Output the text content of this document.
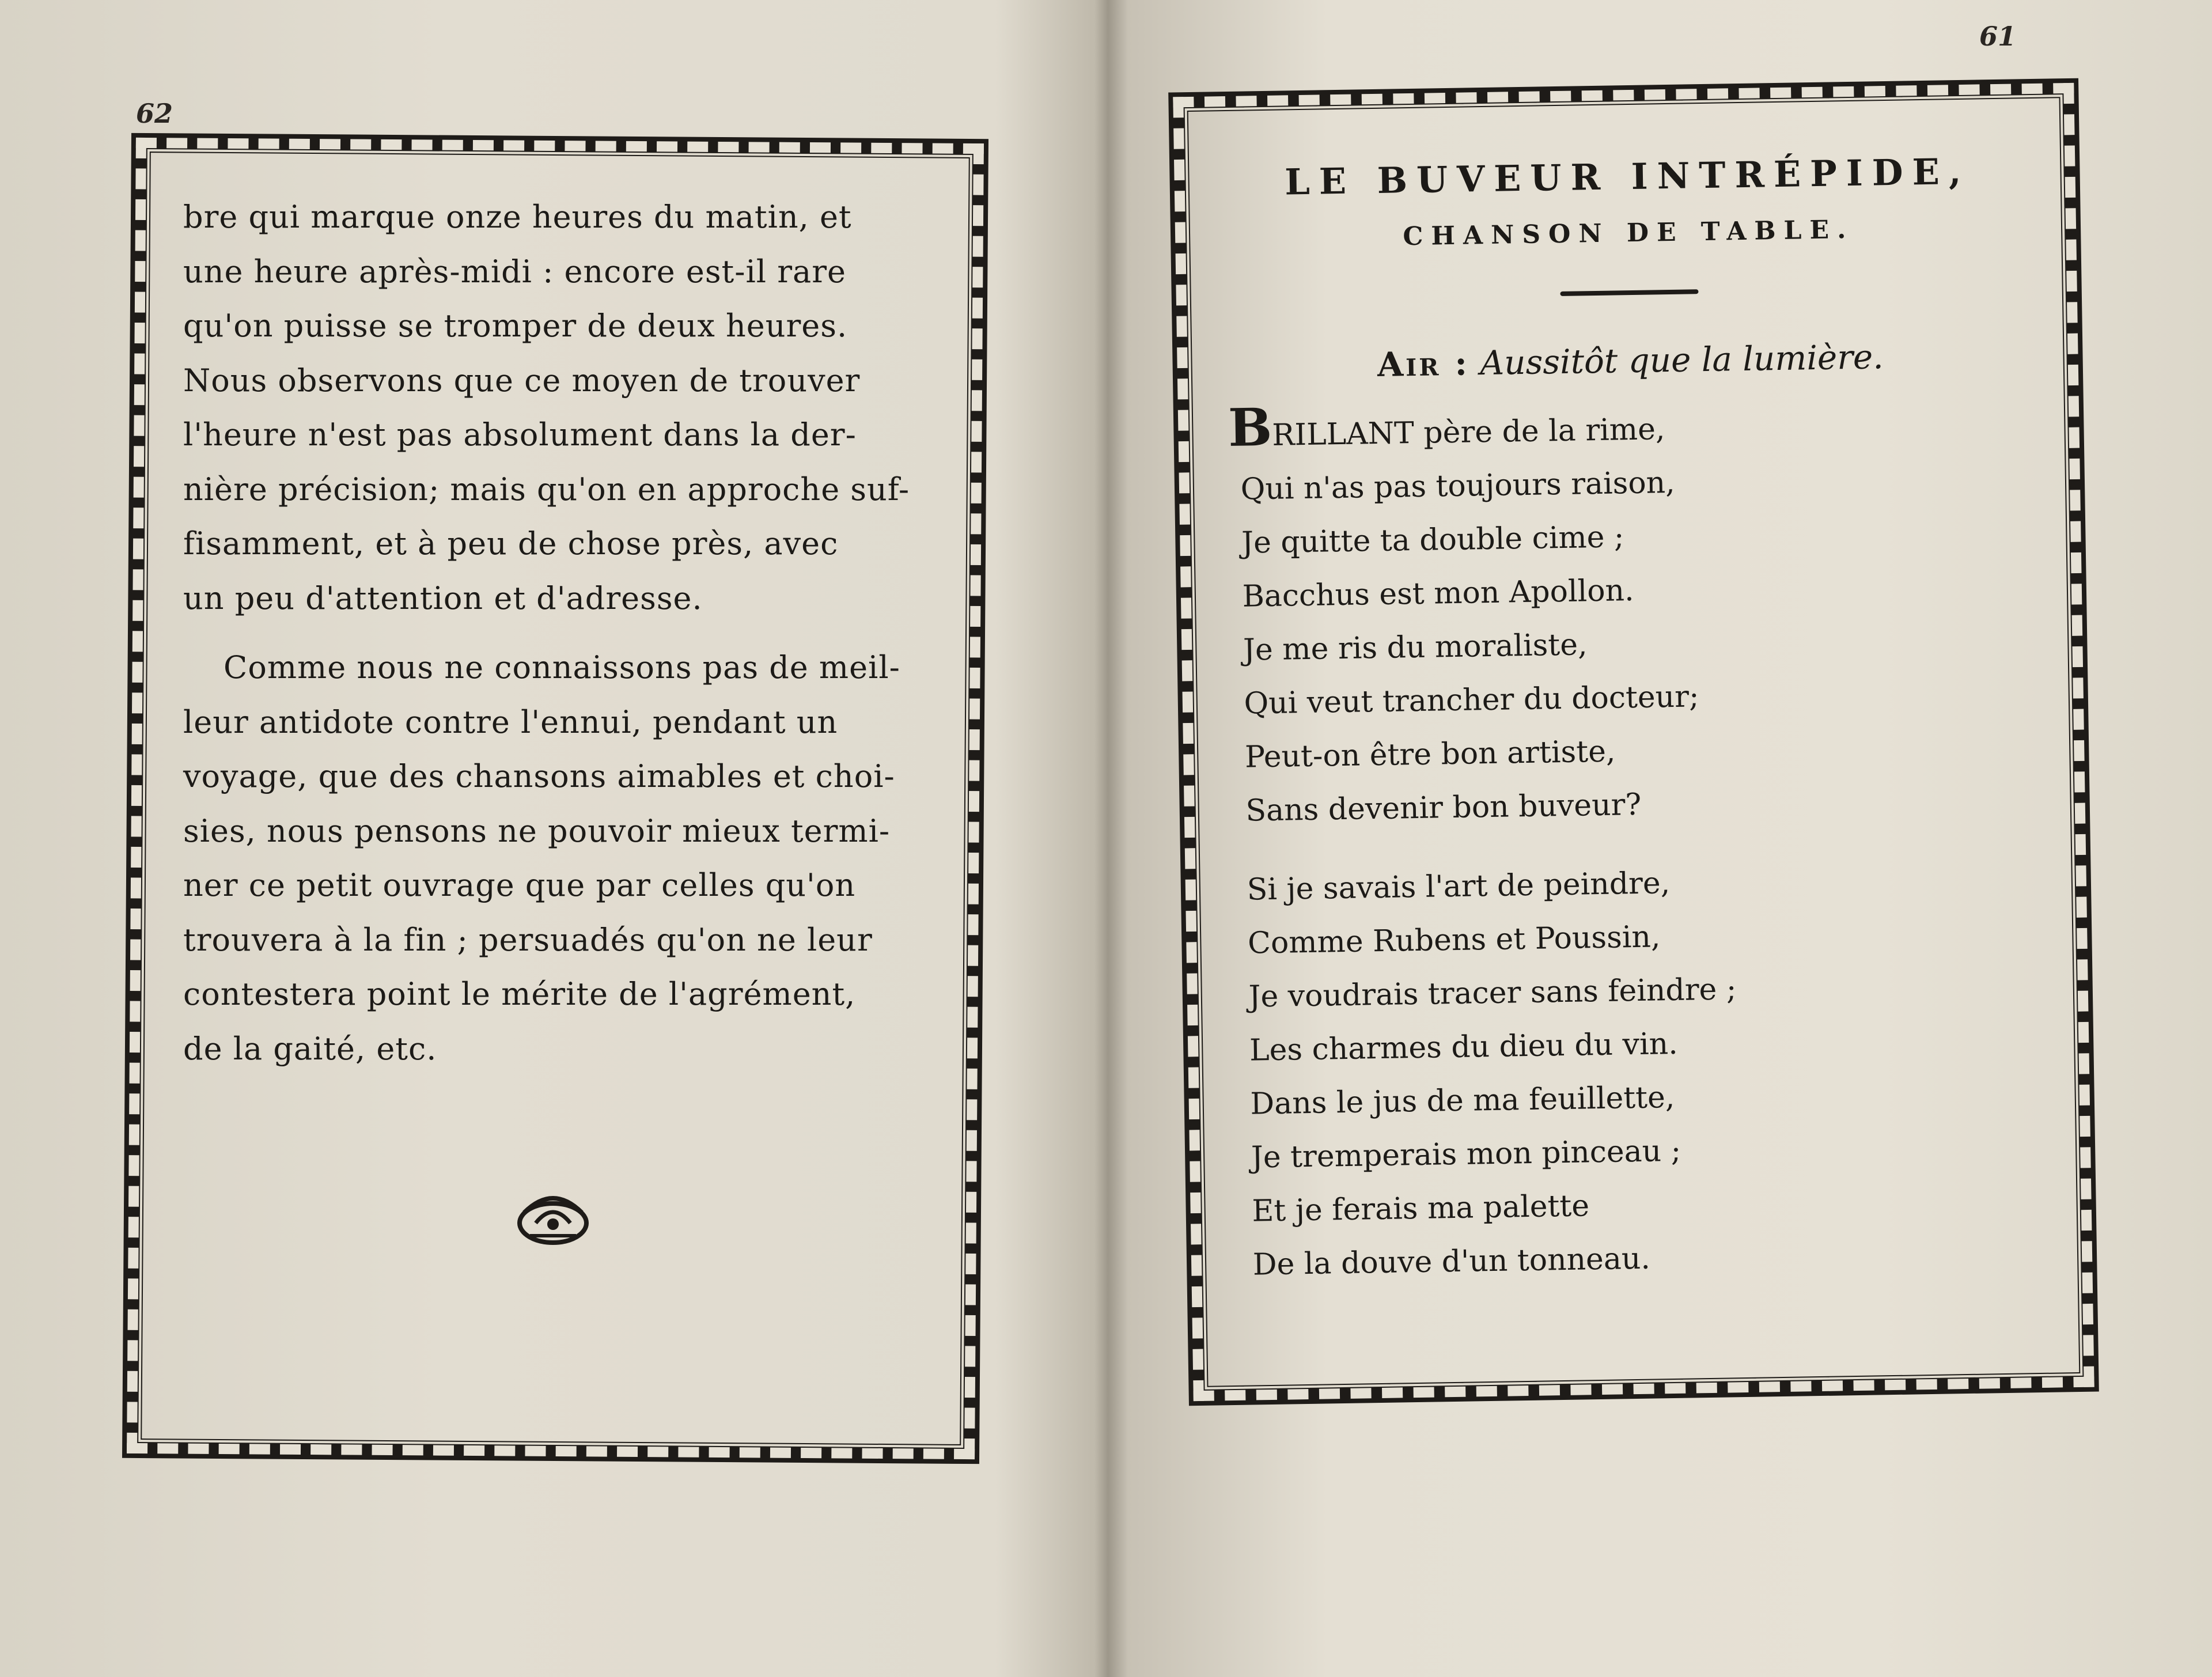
62

bre qui marque onze heures du matin, et
une heure après-midi : encore est-il rare
qu'on puisse se tromper de deux heures.
Nous observons que ce moyen de trouver
l'heure n'est pas absolument dans la der-
nière précision; mais qu'on en approche suf-
fisamment, et à peu de chose près, avec
un peu d'attention et d'adresse.

Comme nous ne connaissons pas de meil-
leur antidote contre l'ennui, pendant un
voyage, que des chansons aimables et choi-
sies, nous pensons ne pouvoir mieux termi-
ner ce petit ouvrage que par celles qu'on
trouvera à la fin ; persuadés qu'on ne leur
contestera point le mérite de l'agrément,
de la gaité, etc.

61
LE BUVEUR INTRÉPIDE,
CHANSON DE TABLE.
Air : Aussitôt que la lumière.
BRILLANT père de la rime,
Qui n'as pas toujours raison,
Je quitte ta double cime ;
Bacchus est mon Apollon.
Je me ris du moraliste,
Qui veut trancher du docteur;
Peut-on être bon artiste,
Sans devenir bon buveur?
Si je savais l'art de peindre,
Comme Rubens et Poussin,
Je voudrais tracer sans feindre ;
Les charmes du dieu du vin.
Dans le jus de ma feuillette,
Je tremperais mon pinceau ;
Et je ferais ma palette
De la douve d'un tonneau.
